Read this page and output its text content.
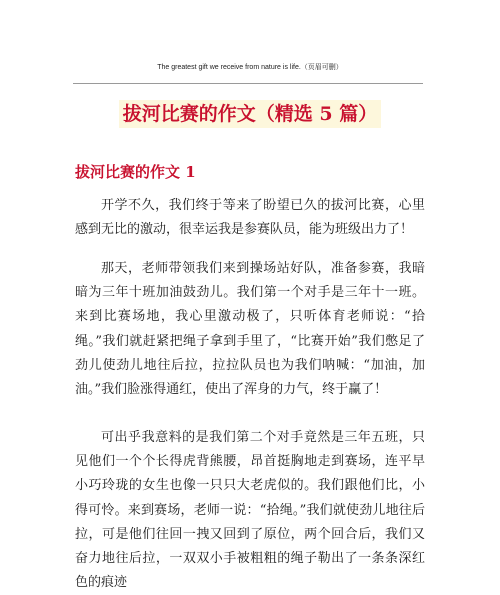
The greatest gift we receive from nature is life.（页眉可删）
拔河比赛的作文（精选 5 篇）
拔河比赛的作文 1

开学不久，我们终于等来了盼望已久的拔河比赛，心里感到无比的激动，很幸运我是参赛队员，能为班级出力了！

那天，老师带领我们来到操场站好队，准备参赛，我暗暗为三年十班加油鼓劲儿。我们第一个对手是三年十一班。来到比赛场地，我心里激动极了，只听体育老师说：“拾绳。”我们就赶紧把绳子拿到手里了，“比赛开始”我们憋足了劲儿使劲儿地往后拉，拉拉队员也为我们呐喊：“加油，加油。”我们脸涨得通红，使出了浑身的力气，终于赢了！

可出乎我意料的是我们第二个对手竟然是三年五班，只见他们一个个长得虎背熊腰，昂首挺胸地走到赛场，连平早小巧玲珑的女生也像一只只大老虎似的。我们跟他们比，小得可怜。来到赛场，老师一说：“拾绳。”我们就使劲儿地往后拉，可是他们往回一拽又回到了原位，两个回合后，我们又奋力地往后拉，一双双小手被粗粗的绳子勒出了一条条深红色的痕迹
